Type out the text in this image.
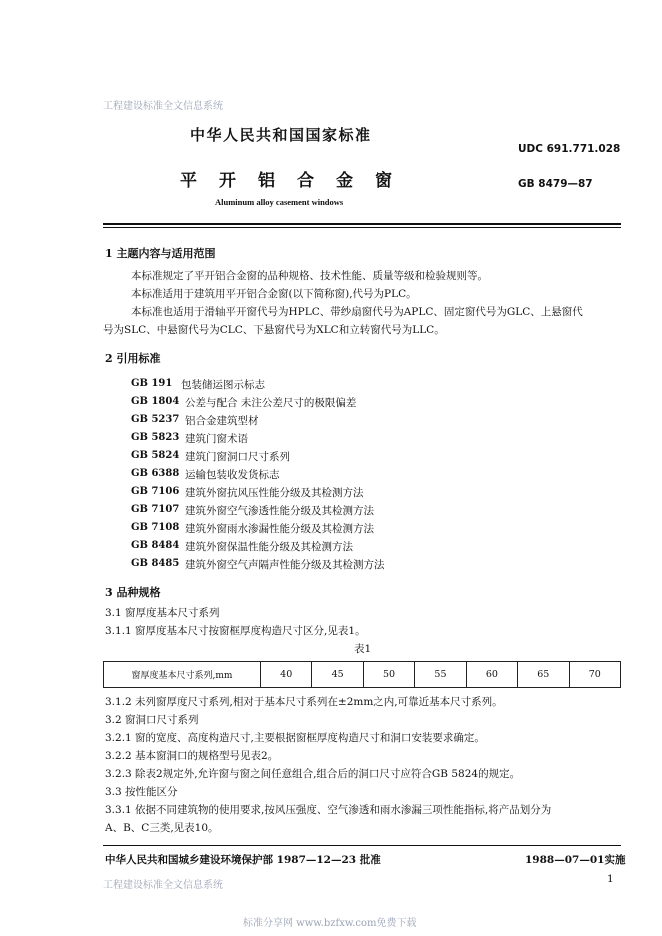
工程建设标准全文信息系统
中华人民共和国国家标准
UDC 691.771.028
平开铝合金窗	GB 8479—87
Aluminum alloy casement windows
1 主题内容与适用范围
本标准规定了平开铝合金窗的品种规格、技术性能、质量等级和检验规则等。
本标准适用于建筑用平开铝合金窗(以下简称窗),代号为PLC。
本标准也适用于滑轴平开窗代号为HPLC、带纱扇窗代号为APLC、固定窗代号为GLC、上悬窗代
号为SLC、中悬窗代号为CLC、下悬窗代号为XLC和立转窗代号为LLC。
2 引用标准
GB 191 包装储运图示标志
GB 1804 公差与配合 未注公差尺寸的极限偏差
GB 5237 铝合金建筑型材
GB 5823 建筑门窗术语
GB 5824 建筑门窗洞口尺寸系列
GB 6388 运输包装收发货标志
GB 7106 建筑外窗抗风压性能分级及其检测方法
GB 7107 建筑外窗空气渗透性能分级及其检测方法
GB 7108 建筑外窗雨水渗漏性能分级及其检测方法
GB 8484 建筑外窗保温性能分级及其检测方法
GB 8485 建筑外窗空气声隔声性能分级及其检测方法
3 品种规格
3.1 窗厚度基本尺寸系列
3.1.1 窗厚度基本尺寸按窗框厚度构造尺寸区分,见表1。
表1
窗厚度基本尺寸系列,mm	40	45	50	55	60	65	70
3.1.2 未列窗厚度尺寸系列,相对于基本尺寸系列在±2mm之内,可靠近基本尺寸系列。
3.2 窗洞口尺寸系列
3.2.1 窗的宽度、高度构造尺寸,主要根据窗框厚度构造尺寸和洞口安装要求确定。
3.2.2 基本窗洞口的规格型号见表2。
3.2.3 除表2规定外,允许窗与窗之间任意组合,组合后的洞口尺寸应符合GB 5824的规定。
3.3 按性能区分
3.3.1 依据不同建筑物的使用要求,按风压强度、空气渗透和雨水渗漏三项性能指标,将产品划分为
A、B、C三类,见表10。
中华人民共和国城乡建设环境保护部 1987—12—23 批准	1988—07—01实施
工程建设标准全文信息系统
1
标准分享网 www.bzfxw.com免费下载
